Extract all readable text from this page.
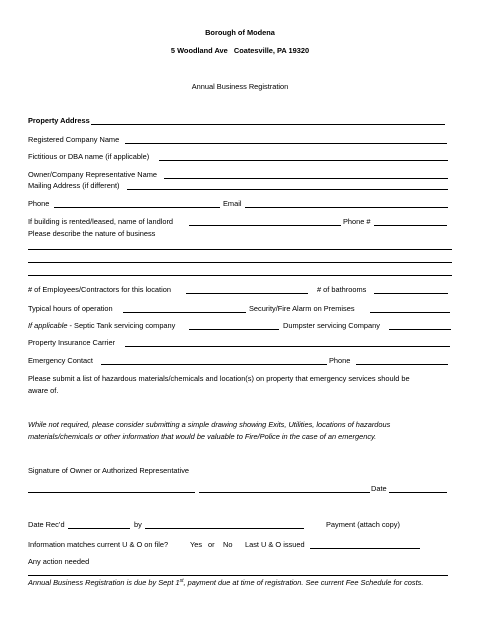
Borough of Modena
5 Woodland Ave   Coatesville, PA 19320
Annual Business Registration
Property Address
Registered Company Name
Fictitious or DBA name (if applicable)
Owner/Company Representative Name
Mailing Address (if different)
Phone	Email
If building is rented/leased, name of landlord	Phone #
Please describe the nature of business
# of Employees/Contractors for this location	# of bathrooms
Typical hours of operation	Security/Fire Alarm on Premises
If applicable - Septic Tank servicing company	Dumpster servicing Company
Property Insurance Carrier
Emergency Contact	Phone
Please submit a list of hazardous materials/chemicals and location(s) on property that emergency services should be
aware of.
While not required, please consider submitting a simple drawing showing Exits, Utilities, locations of hazardous
materials/chemicals or other information that would be valuable to Fire/Police in the case of an emergency.
Signature of Owner or Authorized Representative
Date
Date Rec’d	by	Payment (attach copy)
Information matches current U & O on file?	Yes or No Last U & O issued
Any action needed
Annual Business Registration is due by Sept 1st, payment due at time of registration. See current Fee Schedule for costs.
